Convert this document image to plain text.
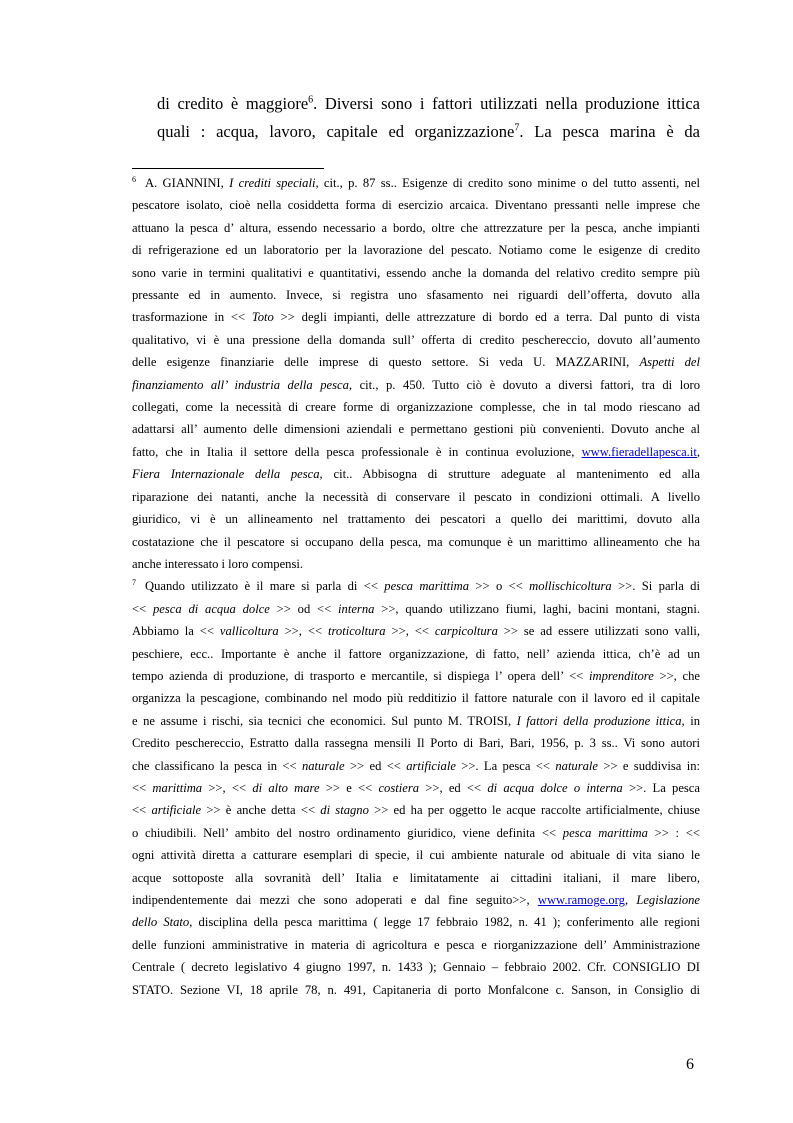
di credito è maggiore$^6$. Diversi sono i fattori utilizzati nella produzione ittica
quali : acqua, lavoro, capitale ed organizzazione$^7$. La pesca marina è da
$^6$ A. GIANNINI, I crediti speciali, cit., p. 87 ss.. Esigenze di credito sono minime o del tutto assenti, nel
pescatore isolato, cioè nella cosiddetta forma di esercizio arcaica. Diventano pressanti nelle imprese che
attuano la pesca d’ altura, essendo necessario a bordo, oltre che attrezzature per la pesca, anche impianti
di refrigerazione ed un laboratorio per la lavorazione del pescato. Notiamo come le esigenze di credito
sono varie in termini qualitativi e quantitativi, essendo anche la domanda del relativo credito sempre più
pressante ed in aumento. Invece, si registra uno sfasamento nei riguardi dell’offerta, dovuto alla
trasformazione in << Toto >> degli impianti, delle attrezzature di bordo ed a terra. Dal punto di vista
qualitativo, vi è una pressione della domanda sull’ offerta di credito peschereccio, dovuto all’aumento
delle esigenze finanziarie delle imprese di questo settore. Si veda U. MAZZARINI, Aspetti del
finanziamento all’ industria della pesca, cit., p. 450. Tutto ciò è dovuto a diversi fattori, tra di loro
collegati, come la necessità di creare forme di organizzazione complesse, che in tal modo riescano ad
adattarsi all’ aumento delle dimensioni aziendali e permettano gestioni più convenienti. Dovuto anche al
fatto, che in Italia il settore della pesca professionale è in continua evoluzione, www.fieradellapesca.it,
Fiera Internazionale della pesca, cit.. Abbisogna di strutture adeguate al mantenimento ed alla
riparazione dei natanti, anche la necessità di conservare il pescato in condizioni ottimali. A livello
giuridico, vi è un allineamento nel trattamento dei pescatori a quello dei marittimi, dovuto alla
costatazione che il pescatore si occupano della pesca, ma comunque è un marittimo allineamento che ha
anche interessato i loro compensi.
$^7$ Quando utilizzato è il mare si parla di << pesca marittima >> o << mollischicoltura >>. Si parla di
<< pesca di acqua dolce >> od << interna >>, quando utilizzano fiumi, laghi, bacini montani, stagni.
Abbiamo la << vallicoltura >>, << troticoltura >>, << carpicoltura >> se ad essere utilizzati sono valli,
peschiere, ecc.. Importante è anche il fattore organizzazione, di fatto, nell’ azienda ittica, ch’è ad un
tempo azienda di produzione, di trasporto e mercantile, si dispiega l’ opera dell’ << imprenditore >>, che
organizza la pescagione, combinando nel modo più redditizio il fattore naturale con il lavoro ed il capitale
e ne assume i rischi, sia tecnici che economici. Sul punto M. TROISI, I fattori della produzione ittica, in
Credito peschereccio, Estratto dalla rassegna mensili Il Porto di Bari, Bari, 1956, p. 3 ss.. Vi sono autori
che classificano la pesca in << naturale >> ed << artificiale >>. La pesca << naturale >> e suddivisa in:
<< marittima >>, << di alto mare >> e << costiera >>, ed << di acqua dolce o interna >>. La pesca
<< artificiale >> è anche detta << di stagno >> ed ha per oggetto le acque raccolte artificialmente, chiuse
o chiudibili. Nell’ ambito del nostro ordinamento giuridico, viene definita << pesca marittima >> : <<
ogni attività diretta a catturare esemplari di specie, il cui ambiente naturale od abituale di vita siano le
acque sottoposte alla sovranità dell’ Italia e limitatamente ai cittadini italiani, il mare libero,
indipendentemente dai mezzi che sono adoperati e dal fine seguito>>, www.ramoge.org, Legislazione
dello Stato, disciplina della pesca marittima ( legge 17 febbraio 1982, n. 41 ); conferimento alle regioni
delle funzioni amministrative in materia di agricoltura e pesca e riorganizzazione dell’ Amministrazione
Centrale ( decreto legislativo 4 giugno 1997, n. 1433 ); Gennaio – febbraio 2002. Cfr. CONSIGLIO DI
STATO. Sezione VI, 18 aprile 78, n. 491, Capitaneria di porto Monfalcone c. Sanson, in Consiglio di
6
